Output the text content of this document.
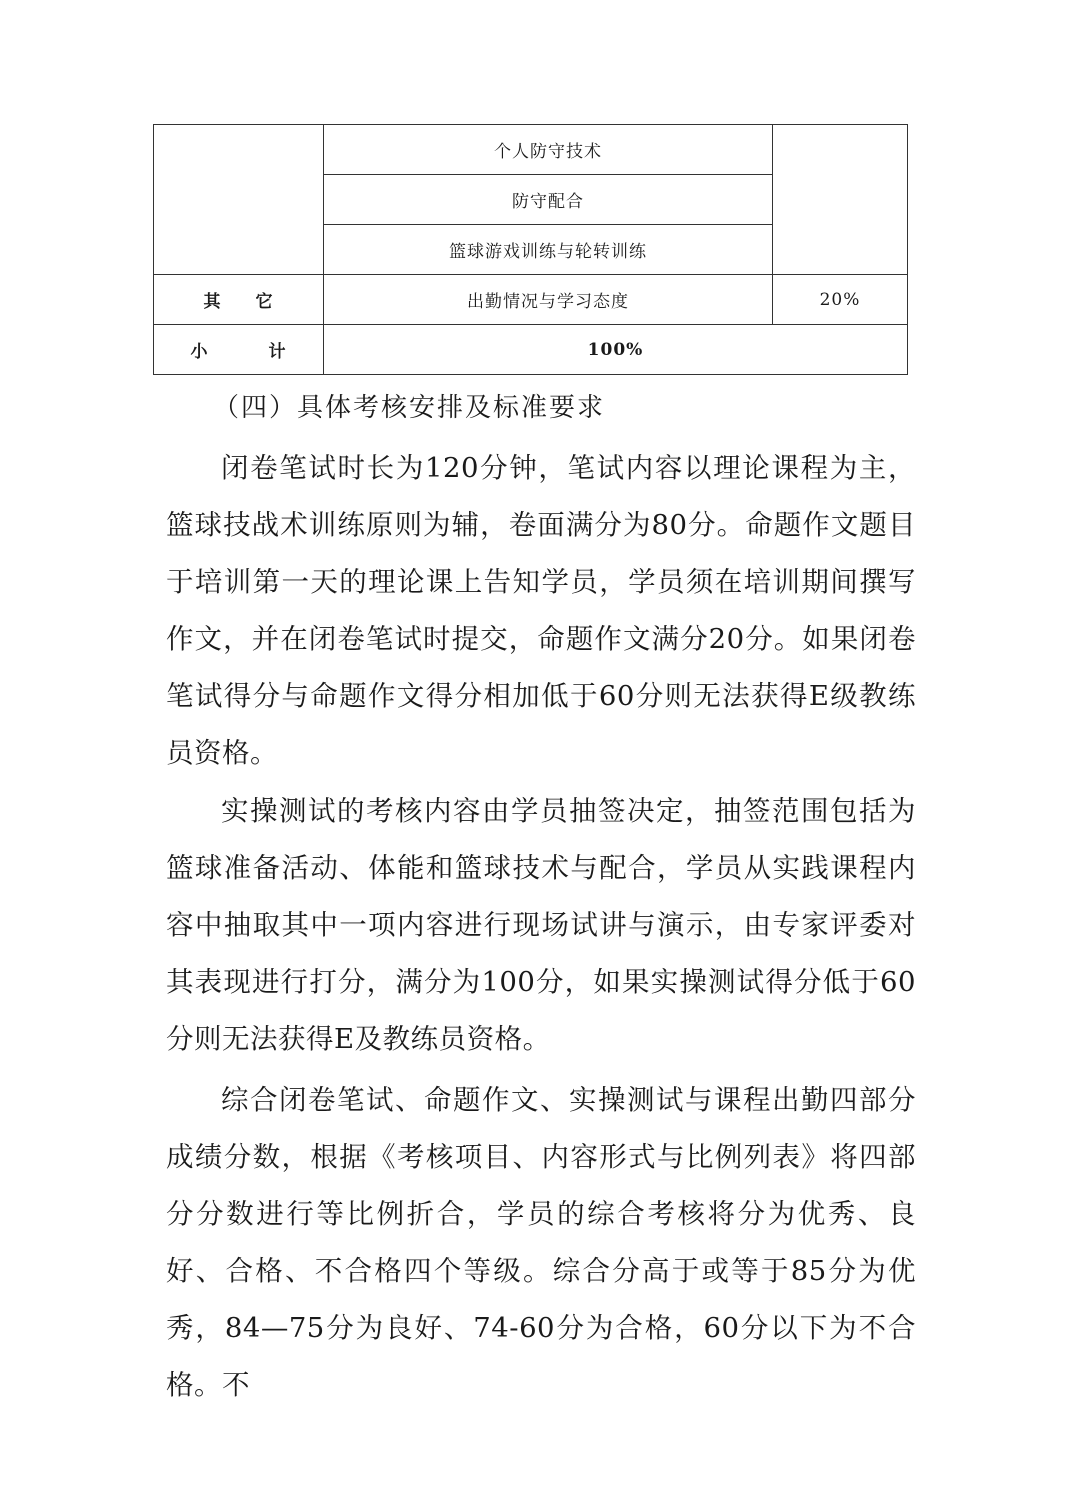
	个人防守技术	
	防守配合	
	篮球游戏训练与轮转训练	

其 它	出勤情况与学习态度	20%

小 计	100%	
（四）具体考核安排及标准要求

闭卷笔试时长为120分钟，笔试内容以理论课程为主，篮球技战术训练原则为辅，卷面满分为80分。命题作文题目于培训第一天的理论课上告知学员，学员须在培训期间撰写作文，并在闭卷笔试时提交，命题作文满分20分。如果闭卷笔试得分与命题作文得分相加低于60分则无法获得E级教练员资格。

实操测试的考核内容由学员抽签决定，抽签范围包括为篮球准备活动、体能和篮球技术与配合，学员从实践课程内容中抽取其中一项内容进行现场试讲与演示，由专家评委对其表现进行打分，满分为100分，如果实操测试得分低于60分则无法获得E及教练员资格。

综合闭卷笔试、命题作文、实操测试与课程出勤四部分成绩分数，根据《考核项目、内容形式与比例列表》将四部分分数进行等比例折合，学员的综合考核将分为优秀、良好、合格、不合格四个等级。综合分高于或等于85分为优秀，84—75分为良好、74-60分为合格，60分以下为不合格。不
